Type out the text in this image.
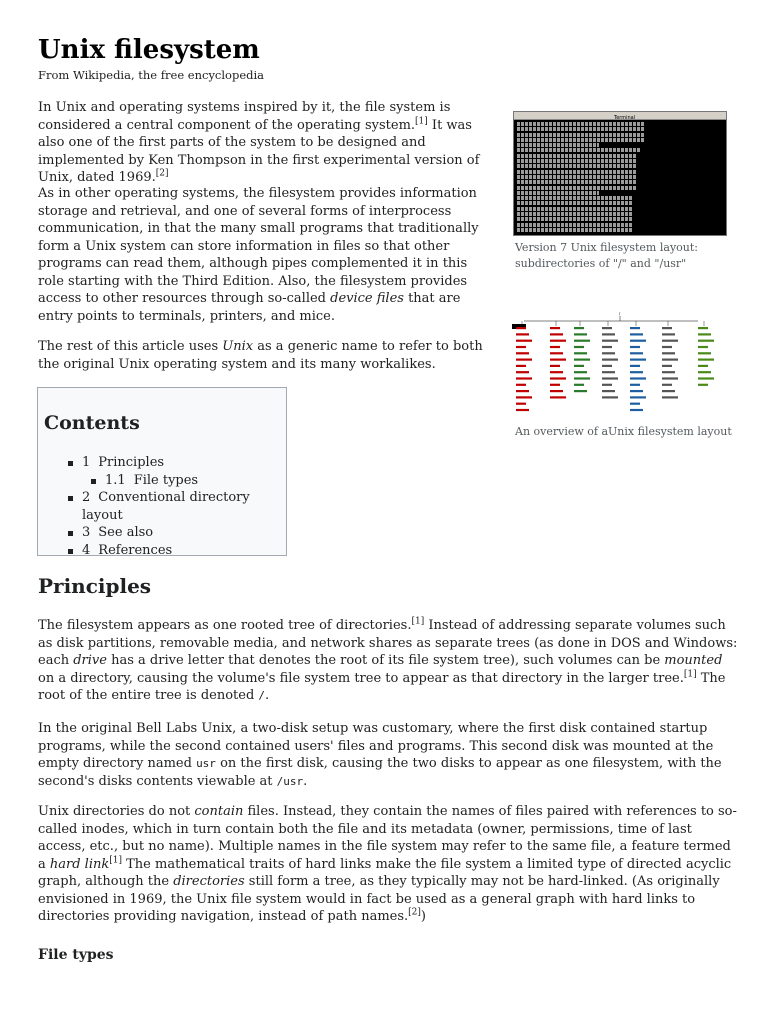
Unix filesystem
From Wikipedia, the free encyclopedia

In Unix and operating systems inspired by it, the file system is considered a central component of the operating system.[1] It was also one of the first parts of the system to be designed and implemented by Ken Thompson in the first experimental version of Unix, dated 1969.[2]

As in other operating systems, the filesystem provides information storage and retrieval, and one of several forms of interprocess communication, in that the many small programs that traditionally form a Unix system can store information in files so that other programs can read them, although pipes complemented it in this role starting with the Third Edition. Also, the filesystem provides access to other resources through so-called device files that are entry points to terminals, printers, and mice.

The rest of this article uses Unix as a generic name to refer to both the original Unix operating system and its many workalikes.

Contents
1 Principles
1.1 File types
2 Conventional directory layout
3 See also
4 References
Terminal
Version 7 Unix filesystem layout: subdirectories of "/" and "/usr"
/
An overview of aUnix filesystem layout
Principles

The filesystem appears as one rooted tree of directories.[1] Instead of addressing separate volumes such as disk partitions, removable media, and network shares as separate trees (as done in DOS and Windows: each drive has a drive letter that denotes the root of its file system tree), such volumes can be mounted on a directory, causing the volume's file system tree to appear as that directory in the larger tree.[1] The root of the entire tree is denoted /.

In the original Bell Labs Unix, a two-disk setup was customary, where the first disk contained startup programs, while the second contained users' files and programs. This second disk was mounted at the empty directory named usr on the first disk, causing the two disks to appear as one filesystem, with the second's disks contents viewable at /usr.

Unix directories do not contain files. Instead, they contain the names of files paired with references to so-called inodes, which in turn contain both the file and its metadata (owner, permissions, time of last access, etc., but no name). Multiple names in the file system may refer to the same file, a feature termed a hard link[1] The mathematical traits of hard links make the file system a limited type of directed acyclic graph, although the directories still form a tree, as they typically may not be hard-linked. (As originally envisioned in 1969, the Unix file system would in fact be used as a general graph with hard links to directories providing navigation, instead of path names.[2])

File types
